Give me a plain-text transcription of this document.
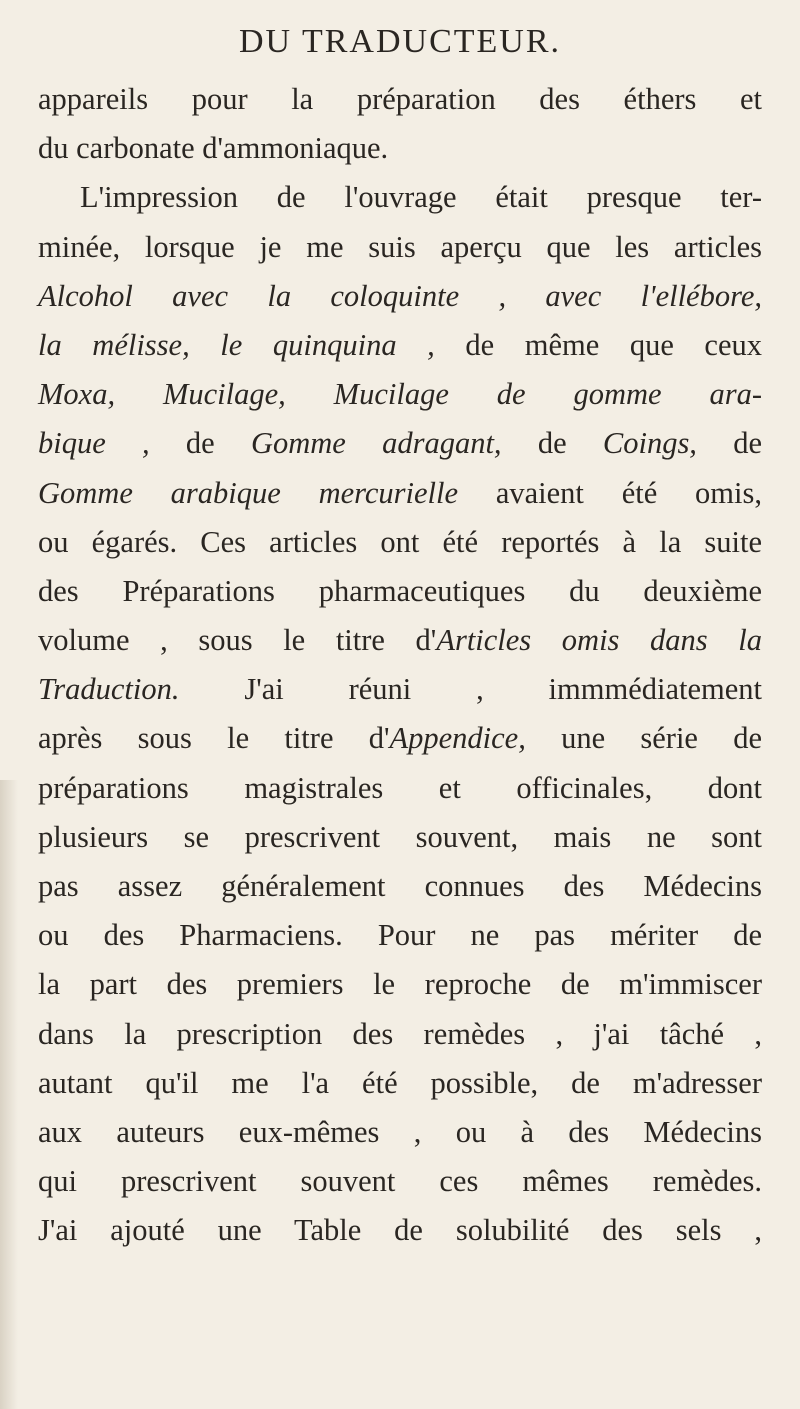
DU TRADUCTEUR.
appareils pour la préparation des éthers et
du carbonate d'ammoniaque.
L'impression de l'ouvrage était presque ter-
minée, lorsque je me suis aperçu que les articles
Alcohol avec la coloquinte , avec l'ellébore,
la mélisse, le quinquina , de même que ceux
Moxa, Mucilage, Mucilage de gomme ara-
bique , de Gomme adragant, de Coings, de
Gomme arabique mercurielle avaient été omis,
ou égarés. Ces articles ont été reportés à la suite
des Préparations pharmaceutiques du deuxième
volume , sous le titre d'Articles omis dans la
Traduction. J'ai réuni , immmédiatement
après sous le titre d'Appendice, une série de
préparations magistrales et officinales, dont
plusieurs se prescrivent souvent, mais ne sont
pas assez généralement connues des Médecins
ou des Pharmaciens. Pour ne pas mériter de
la part des premiers le reproche de m'immiscer
dans la prescription des remèdes , j'ai tâché ,
autant qu'il me l'a été possible, de m'adresser
aux auteurs eux-mêmes , ou à des Médecins
qui prescrivent souvent ces mêmes remèdes.
J'ai ajouté une Table de solubilité des sels ,
